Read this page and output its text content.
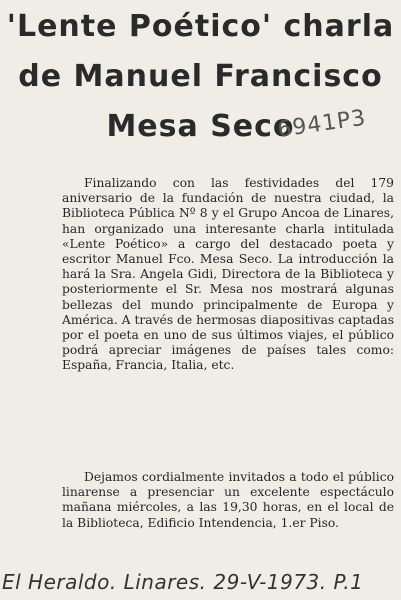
'Lente Poético' charla
de Manuel Francisco
Mesa Seco
6941P3

Finalizando con las festividades del 179 aniversario de la fundación de nuestra ciudad, la Biblioteca Pública Nº 8 y el Grupo Ancoa de Linares, han organizado una interesante charla intitulada «Lente Poético» a cargo del destacado poeta y escritor Manuel Fco. Mesa Seco. La introducción la hará la Sra. Angela Gidi, Directora de la Biblioteca y posteriormente el Sr. Mesa nos mostrará algunas bellezas del mundo principalmente de Europa y América. A través de hermosas diapositivas captadas por el poeta en uno de sus últimos viajes, el público podrá apreciar imágenes de países tales como: España, Francia, Italia, etc.

Dejamos cordialmente invitados a todo el público linarense a presenciar un excelente espectáculo mañana miércoles, a las 19,30 horas, en el local de la Biblioteca, Edificio Intendencia, 1.er Piso.

El Heraldo. Linares. 29-V-1973. P.1
